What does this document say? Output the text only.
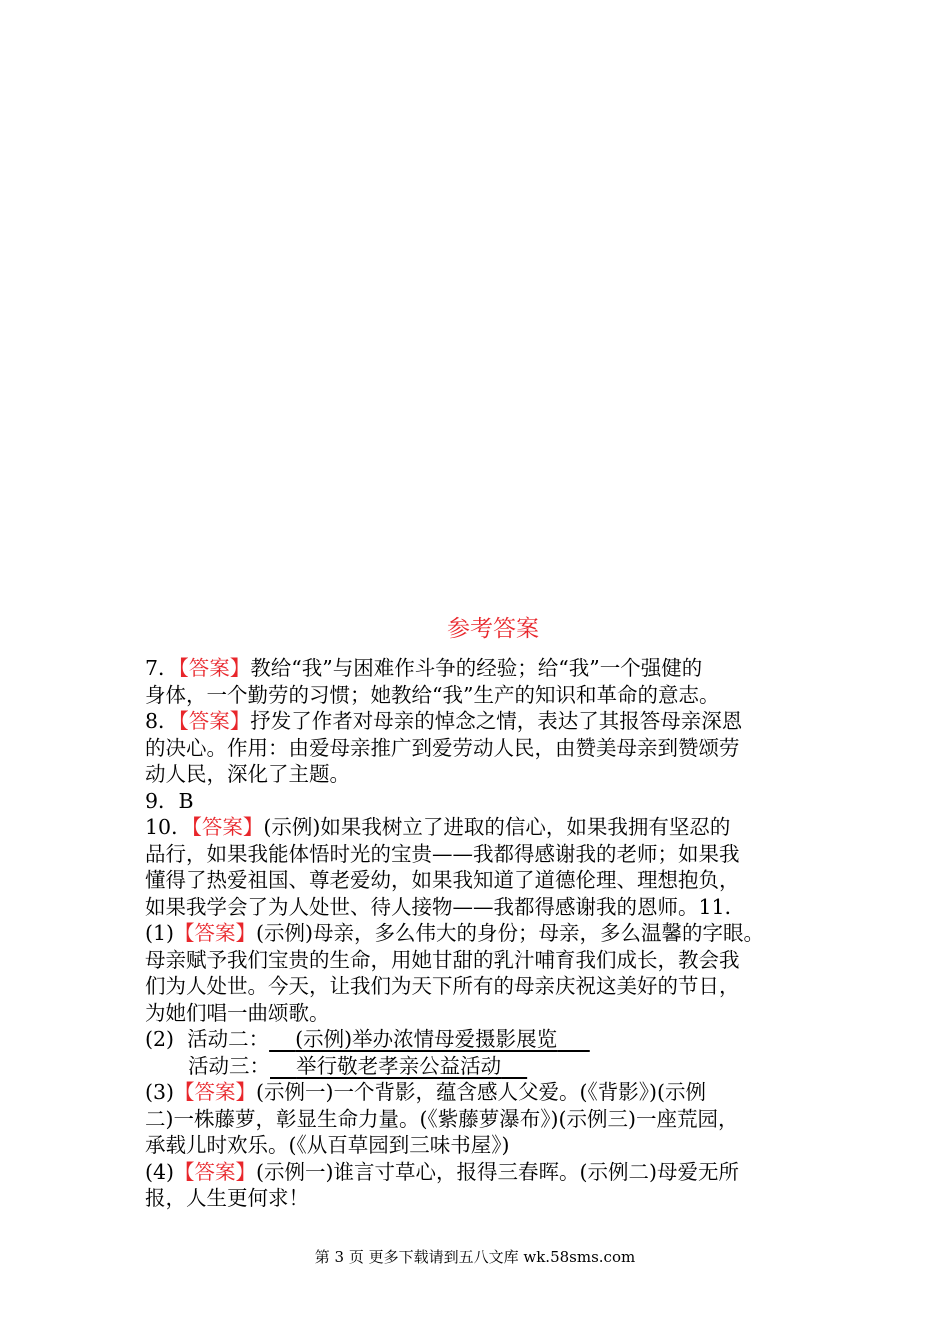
参考答案
7．【答案】教给“我”与困难作斗争的经验；给“我”一个强健的
身体，一个勤劳的习惯；她教给“我”生产的知识和革命的意志。
8．【答案】抒发了作者对母亲的悼念之情，表达了其报答母亲深恩
的决心。作用：由爱母亲推广到爱劳动人民，由赞美母亲到赞颂劳
动人民，深化了主题。
9．B
10．【答案】(示例)如果我树立了进取的信心，如果我拥有坚忍的
品行，如果我能体悟时光的宝贵——我都得感谢我的老师；如果我
懂得了热爱祖国、尊老爱幼，如果我知道了道德伦理、理想抱负，
如果我学会了为人处世、待人接物——我都得感谢我的恩师。11．
(1)【答案】(示例)母亲，多么伟大的身份；母亲，多么温馨的字眼。
母亲赋予我们宝贵的生命，用她甘甜的乳汁哺育我们成长，教会我
们为人处世。今天，让我们为天下所有的母亲庆祝这美好的节日，
为她们唱一曲颂歌。
(2) 活动二： (示例)举办浓情母爱摄影展览
活动三： 举行敬老孝亲公益活动
(3)【答案】(示例一)一个背影，蕴含感人父爱。(《背影》)(示例
二)一株藤萝，彰显生命力量。(《紫藤萝瀑布》)(示例三)一座荒园，
承载儿时欢乐。(《从百草园到三味书屋》)
(4)【答案】(示例一)谁言寸草心，报得三春晖。(示例二)母爱无所
报，人生更何求！
第 3 页 更多下载请到五八文库 wk.58sms.com
